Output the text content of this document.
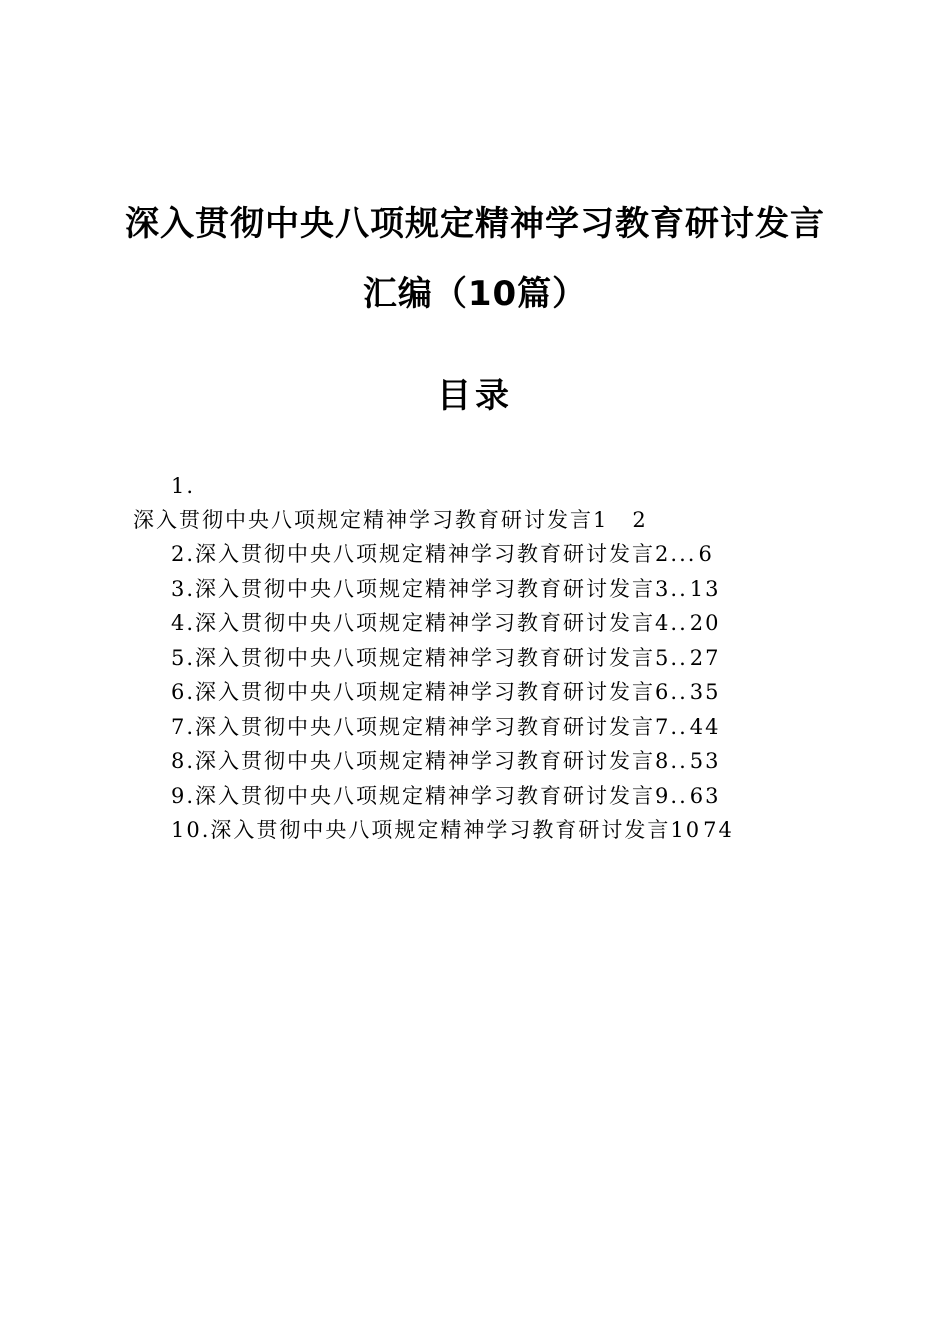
深入贯彻中央八项规定精神学习教育研讨发言
汇编（10篇）
目录
1.
深入贯彻中央八项规定精神学习教育研讨发言1 2
2.深入贯彻中央八项规定精神学习教育研讨发言2...6
3.深入贯彻中央八项规定精神学习教育研讨发言3..13
4.深入贯彻中央八项规定精神学习教育研讨发言4..20
5.深入贯彻中央八项规定精神学习教育研讨发言5..27
6.深入贯彻中央八项规定精神学习教育研讨发言6..35
7.深入贯彻中央八项规定精神学习教育研讨发言7..44
8.深入贯彻中央八项规定精神学习教育研讨发言8..53
9.深入贯彻中央八项规定精神学习教育研讨发言9..63
10.深入贯彻中央八项规定精神学习教育研讨发言1074
